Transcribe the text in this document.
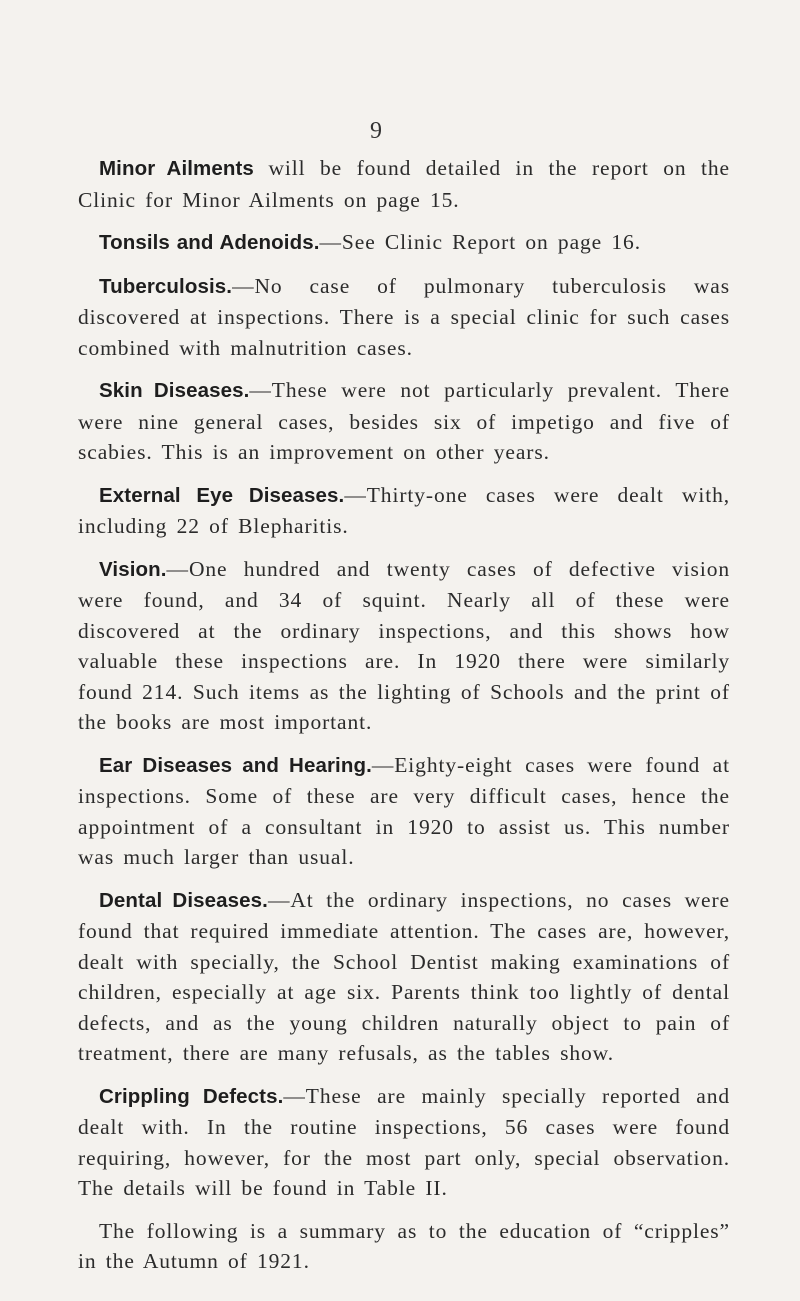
9

Minor Ailments will be found detailed in the report on the Clinic for Minor Ailments on page 15.

Tonsils and Adenoids.—See Clinic Report on page 16.

Tuberculosis.—No case of pulmonary tuberculosis was discovered at inspections. There is a special clinic for such cases combined with malnutrition cases.

Skin Diseases.—These were not particularly prevalent. There were nine general cases, besides six of impetigo and five of scabies. This is an improvement on other years.

External Eye Diseases.—Thirty-one cases were dealt with, including 22 of Blepharitis.

Vision.—One hundred and twenty cases of defective vision were found, and 34 of squint. Nearly all of these were discovered at the ordinary inspections, and this shows how valuable these inspections are. In 1920 there were similarly found 214. Such items as the lighting of Schools and the print of the books are most important.

Ear Diseases and Hearing.—Eighty-eight cases were found at inspections. Some of these are very difficult cases, hence the appointment of a consultant in 1920 to assist us. This number was much larger than usual.

Dental Diseases.—At the ordinary inspections, no cases were found that required immediate attention. The cases are, however, dealt with specially, the School Dentist making examinations of children, especially at age six. Parents think too lightly of dental defects, and as the young children naturally object to pain of treatment, there are many refusals, as the tables show.

Crippling Defects.—These are mainly specially reported and dealt with. In the routine inspections, 56 cases were found requiring, however, for the most part only, special observation. The details will be found in Table II.

The following is a summary as to the education of “cripples” in the Autumn of 1921.
